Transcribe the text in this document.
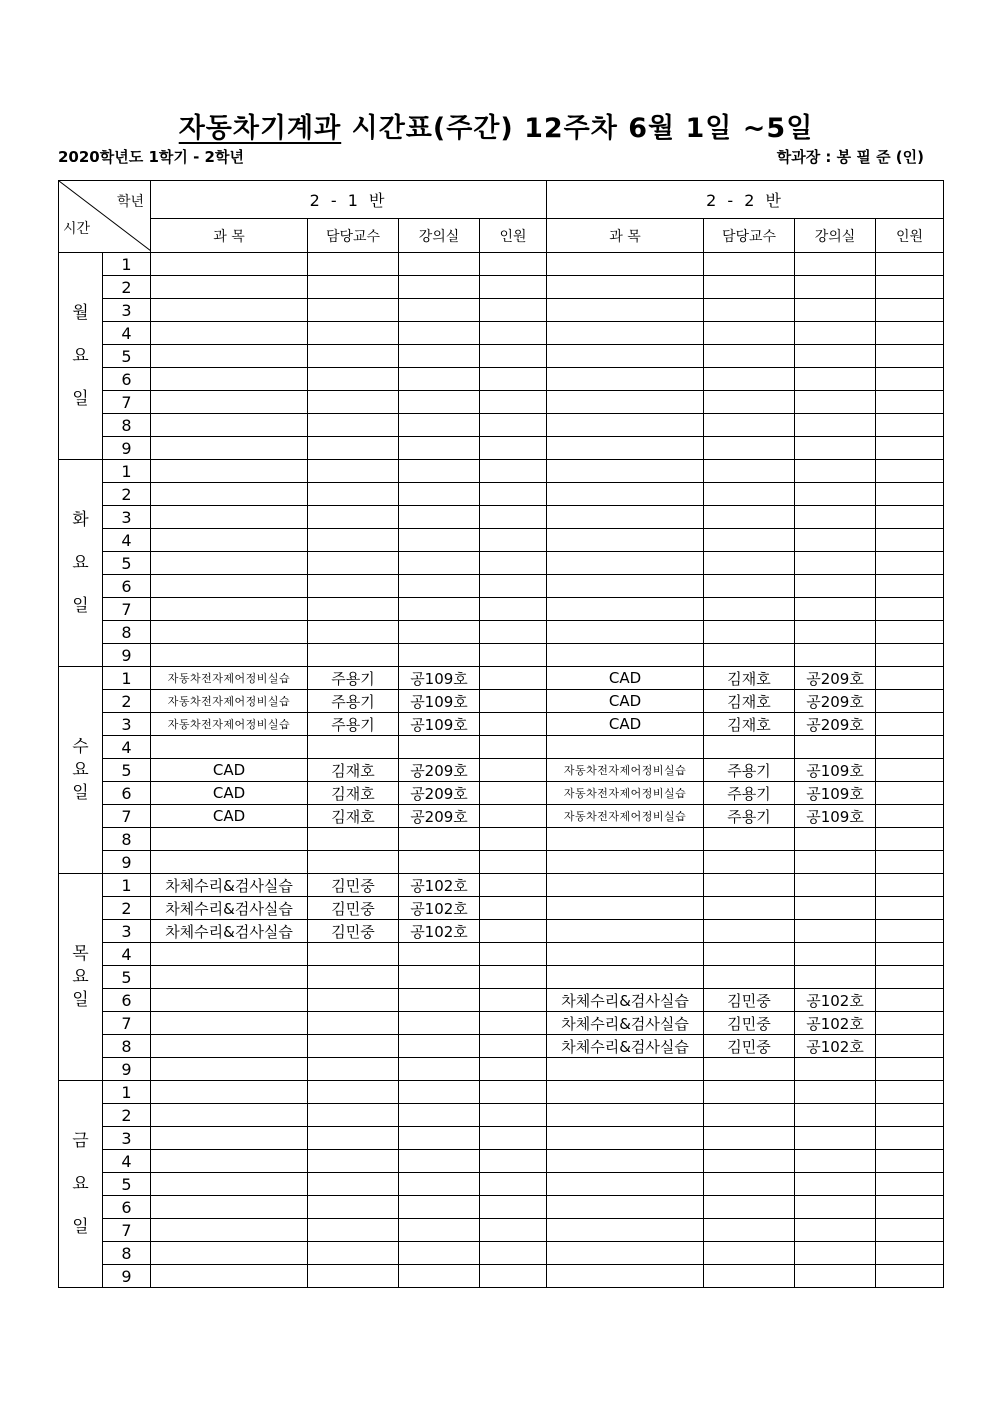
자동차기계과 시간표(주간) 12주차 6월 1일 ~5일
2020학년도 1학기 - 2학년	학과장 : 봉 필 준 (인)
학년
시간		2 - 1 반				2 - 2 반			
		과 목	담당교수	강의실	인원	과 목	담당교수	강의실	인원

월
요
일	1								
	2								
	3								
	4								
	5								
	6								
	7								
	8								
	9								

화
요
일	1								
	2								
	3								
	4								
	5								
	6								
	7								
	8								
	9								

수
요
일	1	자동차전자제어정비실습	주용기	공109호		CAD	김재호	공209호	
	2	자동차전자제어정비실습	주용기	공109호		CAD	김재호	공209호	
	3	자동차전자제어정비실습	주용기	공109호		CAD	김재호	공209호	
	4								
	5	CAD	김재호	공209호		자동차전자제어정비실습	주용기	공109호	
	6	CAD	김재호	공209호		자동차전자제어정비실습	주용기	공109호	
	7	CAD	김재호	공209호		자동차전자제어정비실습	주용기	공109호	
	8								
	9								

목
요
일	1	차체수리&검사실습	김민중	공102호					
	2	차체수리&검사실습	김민중	공102호					
	3	차체수리&검사실습	김민중	공102호					
	4								
	5								
	6					차체수리&검사실습	김민중	공102호	
	7					차체수리&검사실습	김민중	공102호	
	8					차체수리&검사실습	김민중	공102호	
	9								

금
요
일	1								
	2								
	3								
	4								
	5								
	6								
	7								
	8								
	9								
